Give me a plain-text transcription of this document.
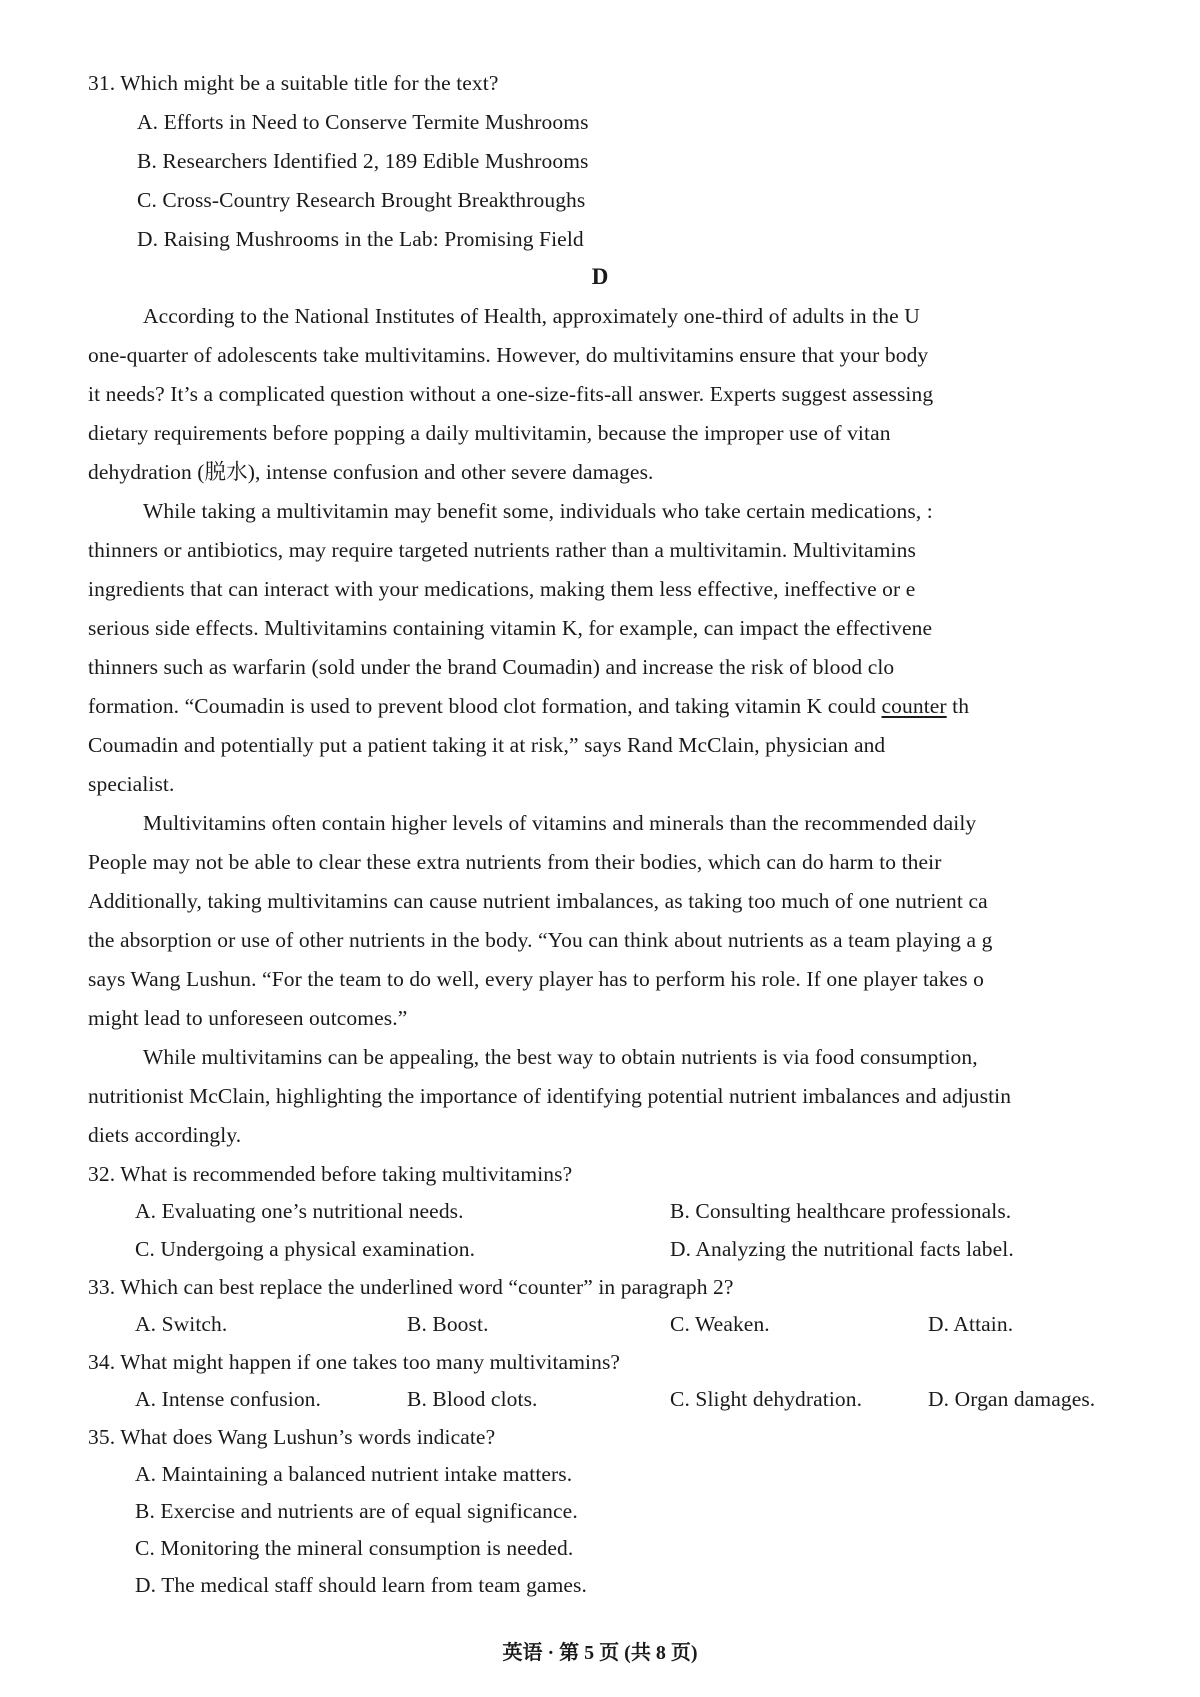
31. Which might be a suitable title for the text?
A. Efforts in Need to Conserve Termite Mushrooms
B. Researchers Identified 2, 189 Edible Mushrooms
C. Cross-Country Research Brought Breakthroughs
D. Raising Mushrooms in the Lab: Promising Field
D
According to the National Institutes of Health, approximately one-third of adults in the U
one-quarter of adolescents take multivitamins. However, do multivitamins ensure that your body
it needs? It’s a complicated question without a one-size-fits-all answer. Experts suggest assessing
dietary requirements before popping a daily multivitamin, because the improper use of vitan
dehydration (脱水), intense confusion and other severe damages.
While taking a multivitamin may benefit some, individuals who take certain medications, :
thinners or antibiotics, may require targeted nutrients rather than a multivitamin. Multivitamins
ingredients that can interact with your medications, making them less effective, ineffective or e
serious side effects. Multivitamins containing vitamin K, for example, can impact the effectivene
thinners such as warfarin (sold under the brand Coumadin) and increase the risk of blood clo
formation. “Coumadin is used to prevent blood clot formation, and taking vitamin K could counter th
Coumadin and potentially put a patient taking it at risk,” says Rand McClain, physician and
specialist.
Multivitamins often contain higher levels of vitamins and minerals than the recommended daily
People may not be able to clear these extra nutrients from their bodies, which can do harm to their
Additionally, taking multivitamins can cause nutrient imbalances, as taking too much of one nutrient ca
the absorption or use of other nutrients in the body. “You can think about nutrients as a team playing a g
says Wang Lushun. “For the team to do well, every player has to perform his role. If one player takes o
might lead to unforeseen outcomes.”
While multivitamins can be appealing, the best way to obtain nutrients is via food consumption,
nutritionist McClain, highlighting the importance of identifying potential nutrient imbalances and adjustin
diets accordingly.
32. What is recommended before taking multivitamins?
A. Evaluating one’s nutritional needs.	B. Consulting healthcare professionals.
C. Undergoing a physical examination.	D. Analyzing the nutritional facts label.
33. Which can best replace the underlined word “counter” in paragraph 2?
A. Switch.	B. Boost.	C. Weaken.	D. Attain.
34. What might happen if one takes too many multivitamins?
A. Intense confusion.	B. Blood clots.	C. Slight dehydration.	D. Organ damages.
35. What does Wang Lushun’s words indicate?
A. Maintaining a balanced nutrient intake matters.
B. Exercise and nutrients are of equal significance.
C. Monitoring the mineral consumption is needed.
D. The medical staff should learn from team games.
英语 · 第 5 页 (共 8 页)
